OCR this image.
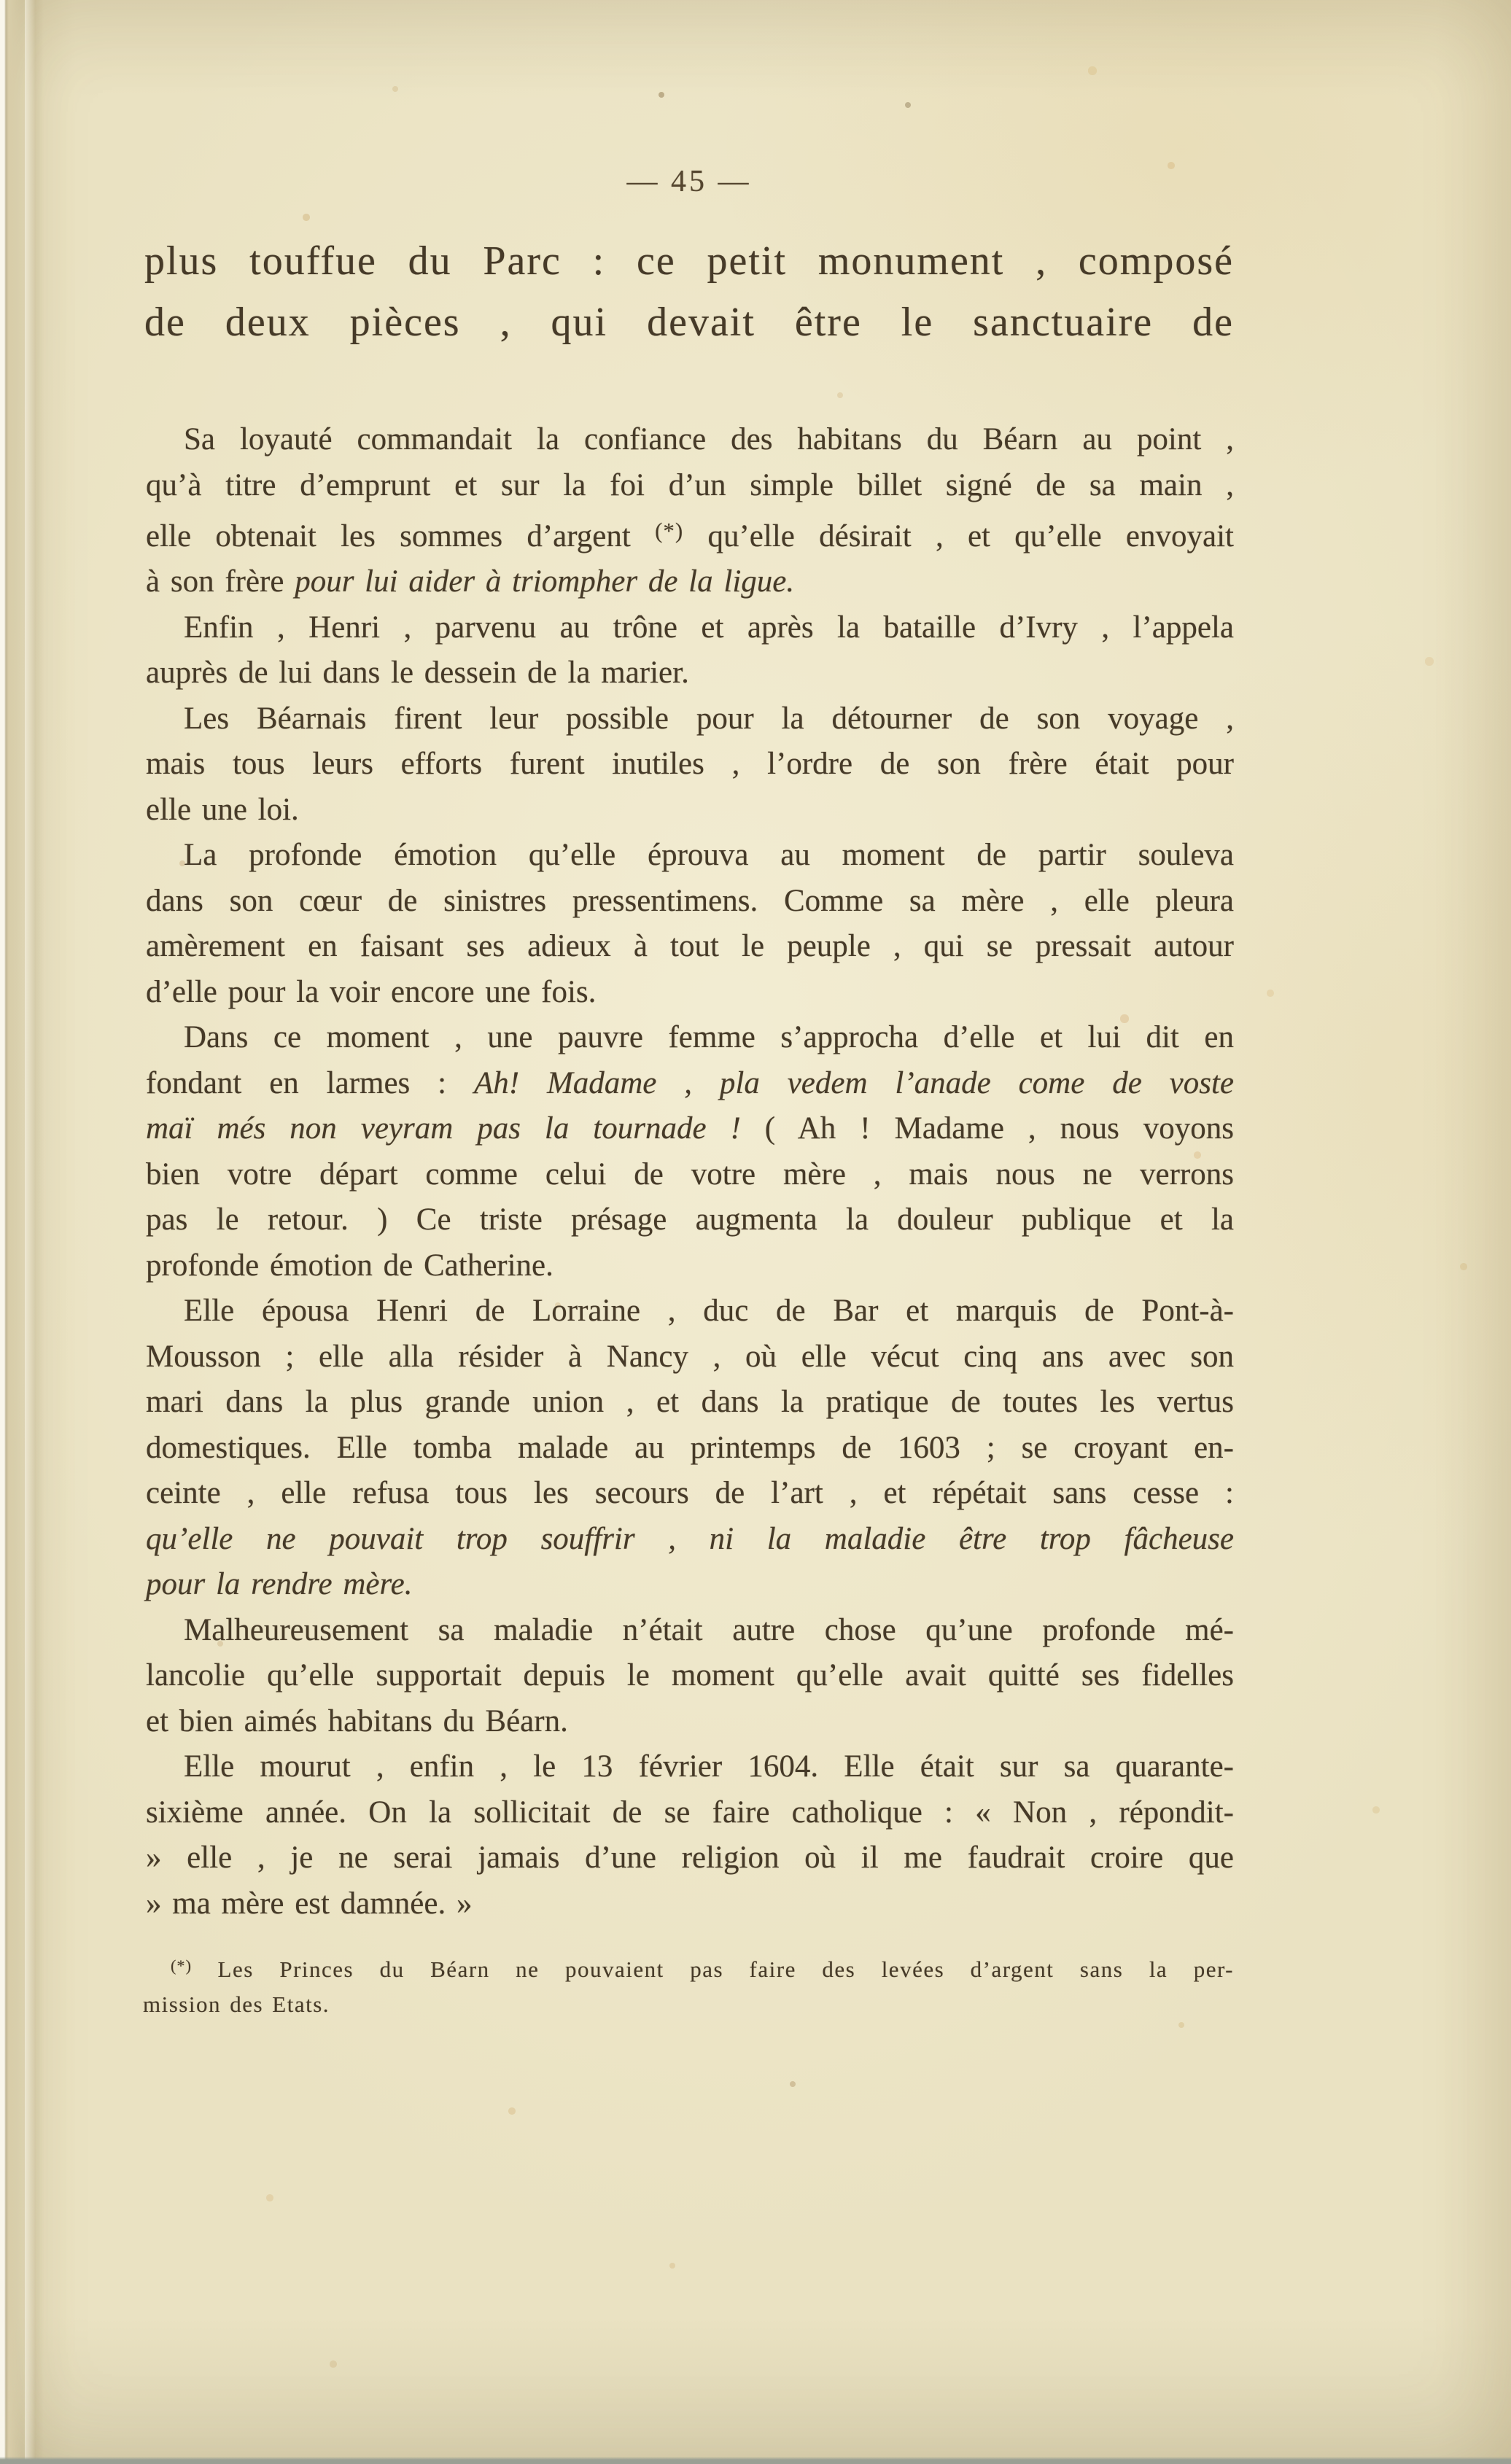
— 45 —
plus touffue du Parc : ce petit monument , composé
de deux pièces , qui devait être le sanctuaire de
Sa loyauté commandait la confiance des habitans du Béarn au point ,
qu’à titre d’emprunt et sur la foi d’un simple billet signé de sa main ,
elle obtenait les sommes d’argent (*) qu’elle désirait , et qu’elle envoyait
à son frère pour lui aider à triompher de la ligue.
Enfin , Henri , parvenu au trône et après la bataille d’Ivry , l’appela
auprès de lui dans le dessein de la marier.
Les Béarnais firent leur possible pour la détourner de son voyage ,
mais tous leurs efforts furent inutiles , l’ordre de son frère était pour
elle une loi.
La profonde émotion qu’elle éprouva au moment de partir souleva
dans son cœur de sinistres pressentimens. Comme sa mère , elle pleura
amèrement en faisant ses adieux à tout le peuple , qui se pressait autour
d’elle pour la voir encore une fois.
Dans ce moment , une pauvre femme s’approcha d’elle et lui dit en
fondant en larmes : Ah! Madame , pla vedem l’anade come de voste
maï més non veyram pas la tournade ! ( Ah ! Madame , nous voyons
bien votre départ comme celui de votre mère , mais nous ne verrons
pas le retour. ) Ce triste présage augmenta la douleur publique et la
profonde émotion de Catherine.
Elle épousa Henri de Lorraine , duc de Bar et marquis de Pont-à-
Mousson ; elle alla résider à Nancy , où elle vécut cinq ans avec son
mari dans la plus grande union , et dans la pratique de toutes les vertus
domestiques. Elle tomba malade au printemps de 1603 ; se croyant en-
ceinte , elle refusa tous les secours de l’art , et répétait sans cesse :
qu’elle ne pouvait trop souffrir , ni la maladie être trop fâcheuse
pour la rendre mère.
Malheureusement sa maladie n’était autre chose qu’une profonde mé-
lancolie qu’elle supportait depuis le moment qu’elle avait quitté ses fidelles
et bien aimés habitans du Béarn.
Elle mourut , enfin , le 13 février 1604. Elle était sur sa quarante-
sixième année. On la sollicitait de se faire catholique : « Non , répondit-
» elle , je ne serai jamais d’une religion où il me faudrait croire que
» ma mère est damnée. »
(*) Les Princes du Béarn ne pouvaient pas faire des levées d’argent sans la per-
mission des Etats.
